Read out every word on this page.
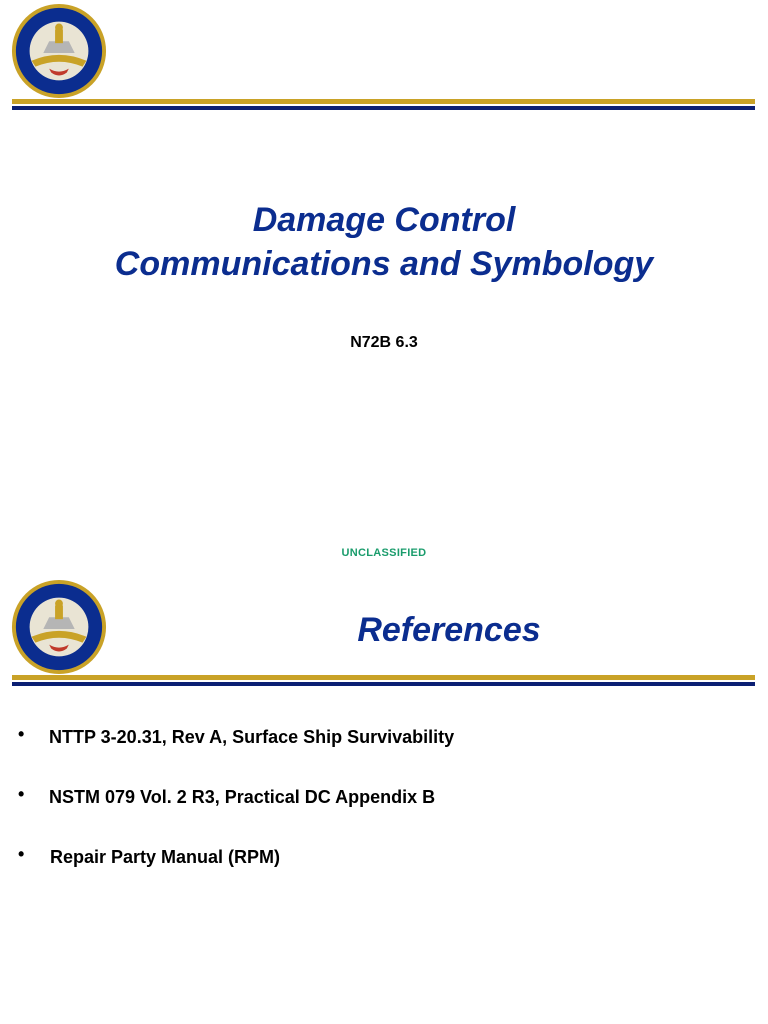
Damage Control
Communications and Symbology
N72B 6.3
UNCLASSIFIED
References
• NTTP 3-20.31, Rev A, Surface Ship Survivability
• NSTM 079 Vol. 2 R3, Practical DC Appendix B
• Repair Party Manual (RPM)
